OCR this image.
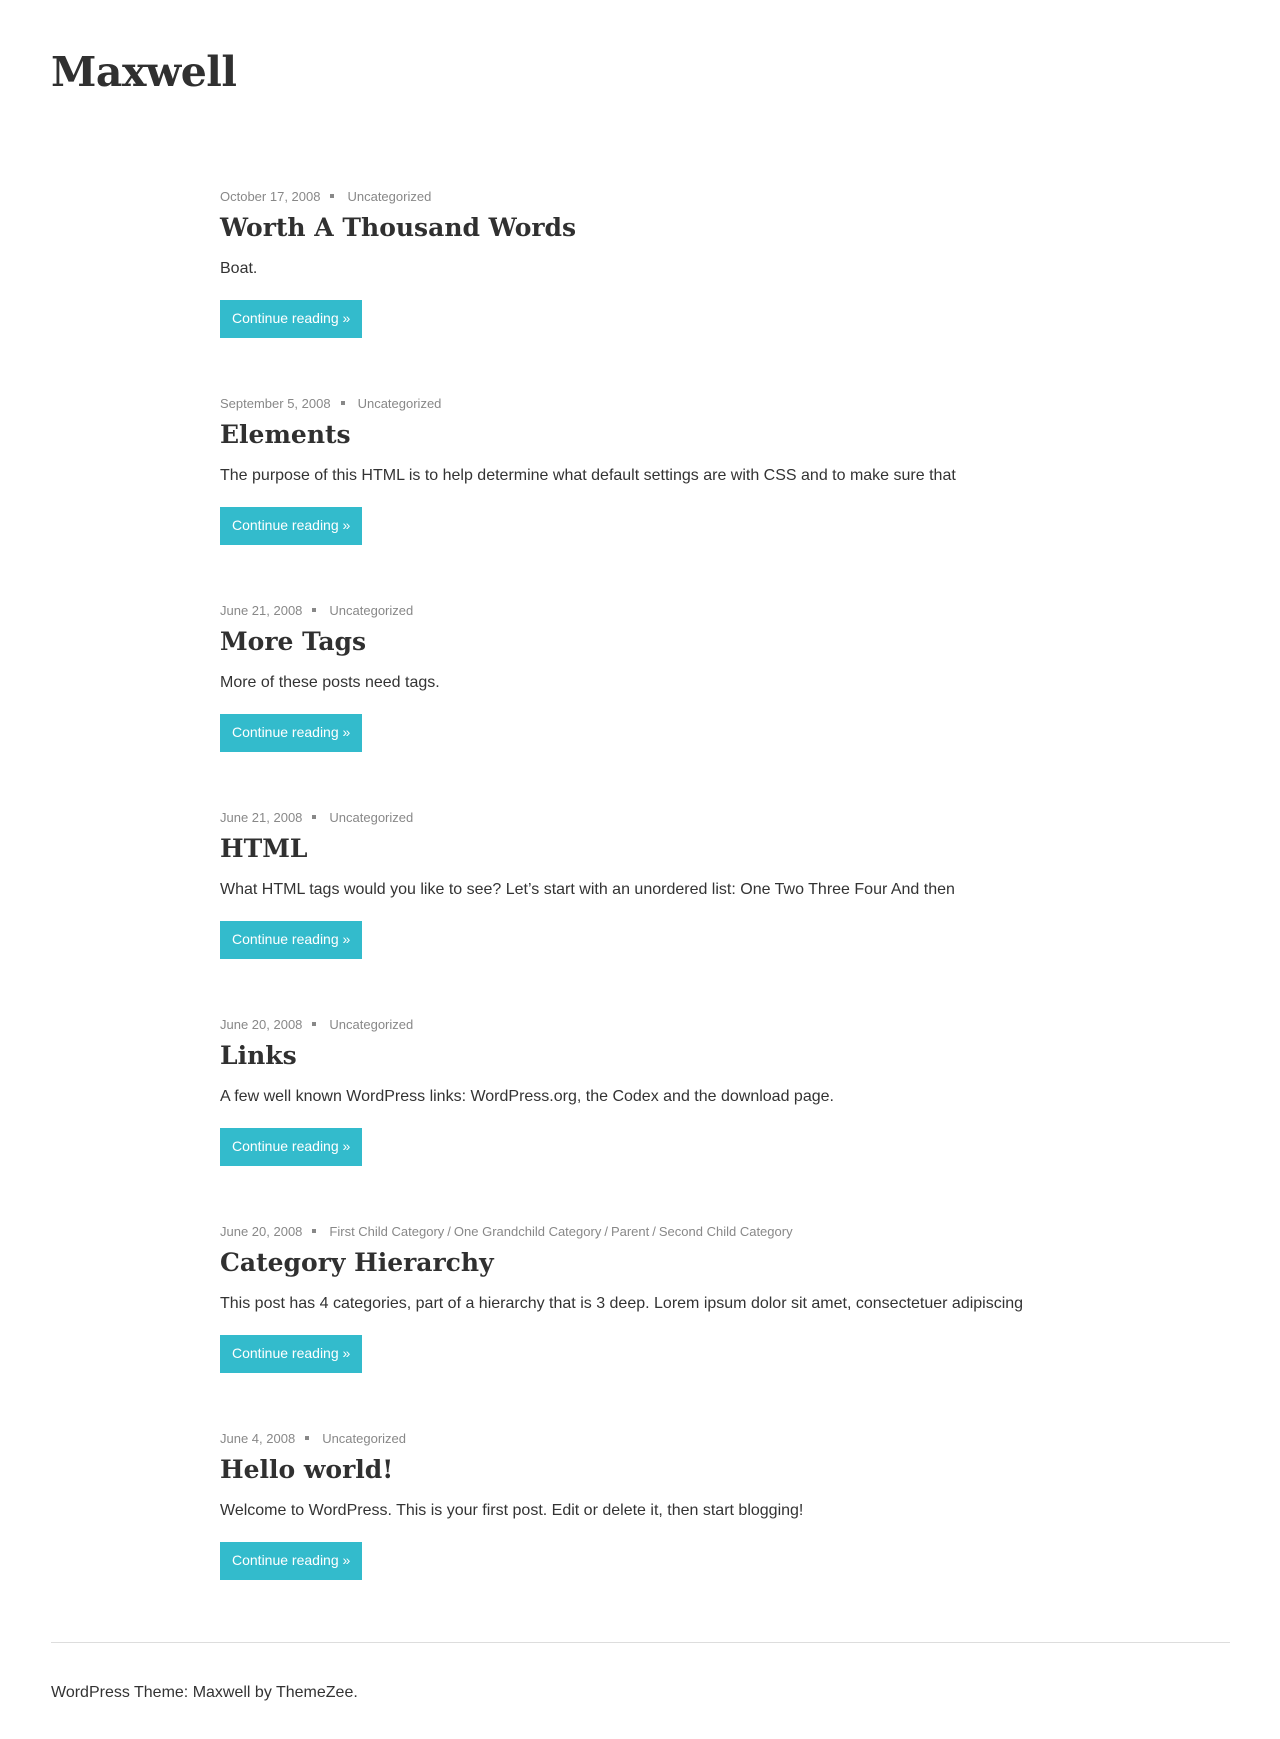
Maxwell
October 17, 2008 Uncategorized
Worth A Thousand Words

Boat.

Continue reading »
September 5, 2008 Uncategorized
Elements

The purpose of this HTML is to help determine what default settings are with CSS and to make sure that

Continue reading »
June 21, 2008 Uncategorized
More Tags

More of these posts need tags.

Continue reading »
June 21, 2008 Uncategorized
HTML

What HTML tags would you like to see? Let’s start with an unordered list: One Two Three Four And then

Continue reading »
June 20, 2008 Uncategorized
Links

A few well known WordPress links: WordPress.org, the Codex and the download page.

Continue reading »
June 20, 2008 First Child Category / One Grandchild Category / Parent / Second Child Category
Category Hierarchy

This post has 4 categories, part of a hierarchy that is 3 deep. Lorem ipsum dolor sit amet, consectetuer adipiscing

Continue reading »
June 4, 2008 Uncategorized
Hello world!

Welcome to WordPress. This is your first post. Edit or delete it, then start blogging!

Continue reading »
WordPress Theme: Maxwell by ThemeZee.
